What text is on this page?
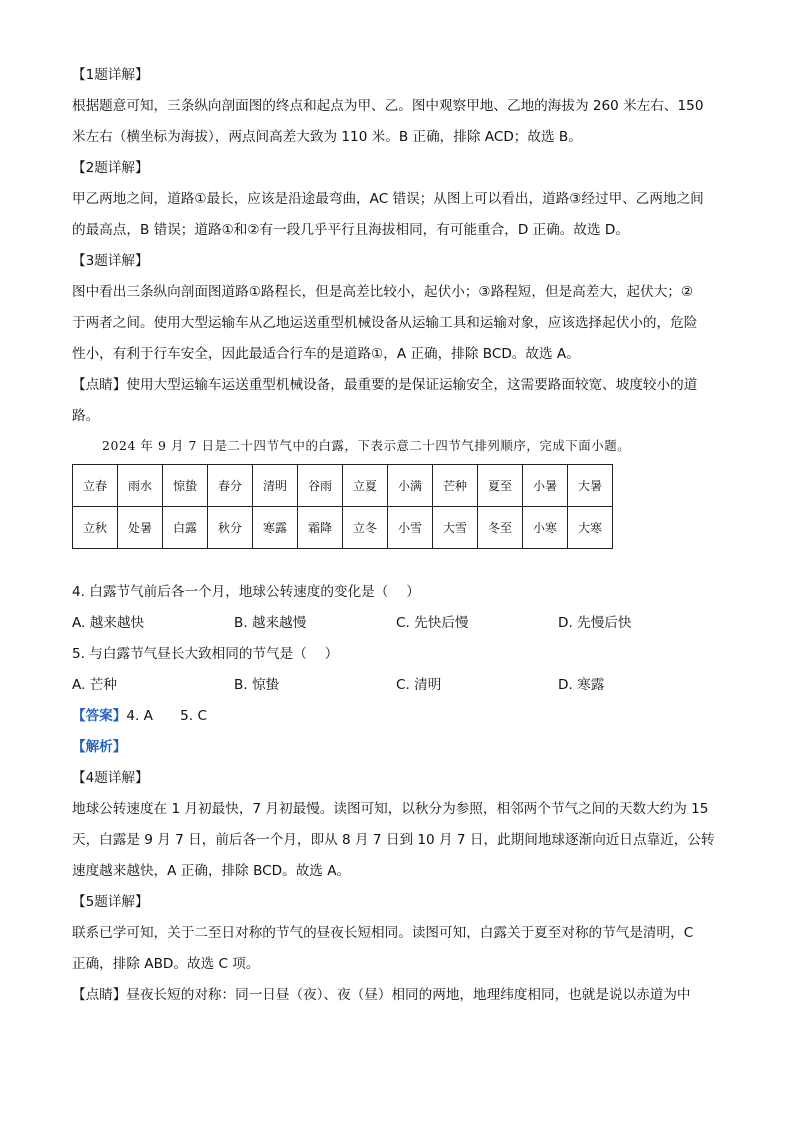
【1题详解】
根据题意可知，三条纵向剖面图的终点和起点为甲、乙。图中观察甲地、乙地的海拔为 260 米左右、150
米左右（横坐标为海拔），两点间高差大致为 110 米。B 正确，排除 ACD；故选 B。
【2题详解】
甲乙两地之间，道路①最长，应该是沿途最弯曲，AC 错误；从图上可以看出，道路③经过甲、乙两地之间
的最高点，B 错误；道路①和②有一段几乎平行且海拔相同，有可能重合，D 正确。故选 D。
【3题详解】
图中看出三条纵向剖面图道路①路程长，但是高差比较小，起伏小；③路程短，但是高差大，起伏大；②
于两者之间。使用大型运输车从乙地运送重型机械设备从运输工具和运输对象，应该选择起伏小的，危险
性小，有利于行车安全，因此最适合行车的是道路①，A 正确，排除 BCD。故选 A。
【点睛】使用大型运输车运送重型机械设备，最重要的是保证运输安全，这需要路面较宽、坡度较小的道
路。
2024 年 9 月 7 日是二十四节气中的白露，下表示意二十四节气排列顺序，完成下面小题。
立春	雨水	惊蛰	春分	清明	谷雨	立夏	小满	芒种	夏至	小暑	大暑
立秋	处暑	白露	秋分	寒露	霜降	立冬	小雪	大雪	冬至	小寒	大寒
4. 白露节气前后各一个月，地球公转速度的变化是（　 ）
A. 越来越快	B. 越来越慢	C. 先快后慢	D. 先慢后快
5. 与白露节气昼长大致相同的节气是（　 ）
A. 芒种	B. 惊蛰	C. 清明	D. 寒露
【答案】4. A　　5. C
【解析】
【4题详解】
地球公转速度在 1 月初最快，7 月初最慢。读图可知，以秋分为参照，相邻两个节气之间的天数大约为 15
天，白露是 9 月 7 日，前后各一个月，即从 8 月 7 日到 10 月 7 日，此期间地球逐渐向近日点靠近，公转
速度越来越快，A 正确，排除 BCD。故选 A。
【5题详解】
联系已学可知，关于二至日对称的节气的昼夜长短相同。读图可知，白露关于夏至对称的节气是清明，C
正确，排除 ABD。故选 C 项。
【点睛】昼夜长短的对称：同一日昼（夜）、夜（昼）相同的两地，地理纬度相同，也就是说以赤道为中
